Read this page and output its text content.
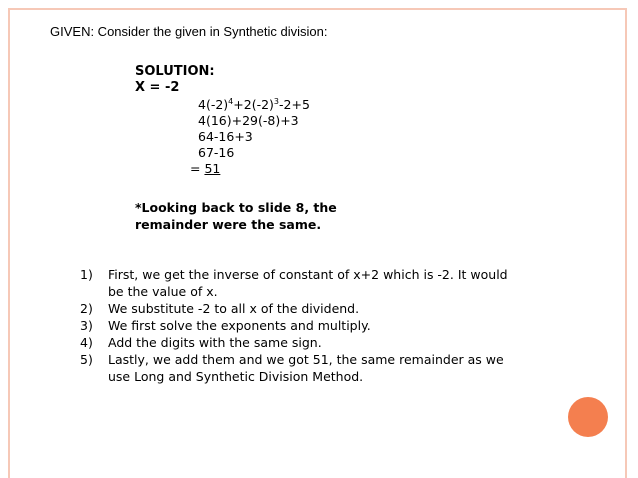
GIVEN: Consider the given in Synthetic division:
SOLUTION:
X = -2
$4(-2)^4+2(-2)^3-2+5$
4(16)+29(-8)+3
64-16+3
67-16
= 51
*Looking back to slide 8, the
remainder were the same.
1)	First, we get the inverse of constant of x+2 which is -2. It would be the value of x.
2)	We substitute -2 to all x of the dividend.
3)	We first solve the exponents and multiply.
4)	Add the digits with the same sign.
5)	Lastly, we add them and we got 51, the same remainder as we use Long and Synthetic Division Method.
